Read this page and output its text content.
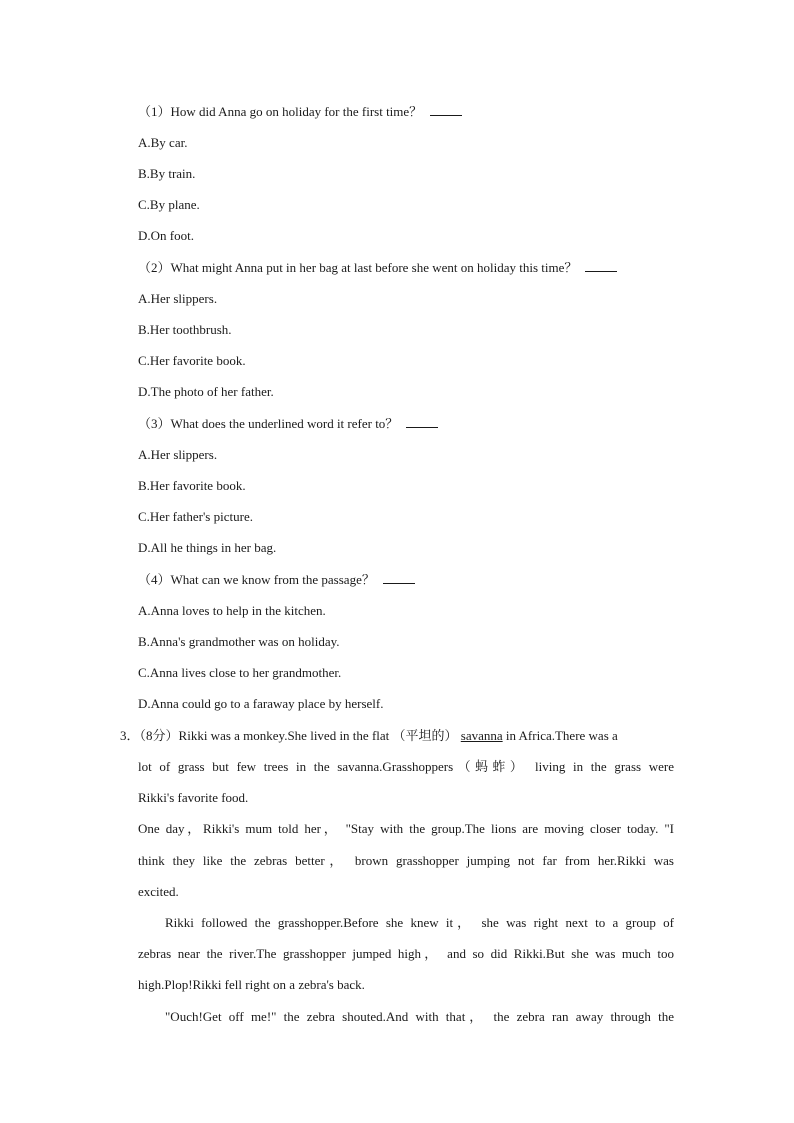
（1）How did Anna go on holiday for the first time？
A.By car.
B.By train.
C.By plane.
D.On foot.
（2）What might Anna put in her bag at last before she went on holiday this time？
A.Her slippers.
B.Her toothbrush.
C.Her favorite book.
D.The photo of her father.
（3）What does the underlined word it refer to？
A.Her slippers.
B.Her favorite book.
C.Her father's picture.
D.All he things in her bag.
（4）What can we know from the passage？
A.Anna loves to help in the kitchen.
B.Anna's grandmother was on holiday.
C.Anna lives close to her grandmother.
D.Anna could go to a faraway place by herself.
3．（8分）Rikki was a monkey.She lived in the flat （平坦的） savanna in Africa.There was a
lot of grass but few trees in the savanna.Grasshoppers（蚂蚱） living in the grass were
Rikki's favorite food.
One day，Rikki's mum told her， "Stay with the group.The lions are moving closer today. "I
think they like the zebras better， brown grasshopper jumping not far from her.Rikki was
excited.
Rikki followed the grasshopper.Before she knew it， she was right next to a group of
zebras near the river.The grasshopper jumped high， and so did Rikki.But she was much too
high.Plop!Rikki fell right on a zebra's back.
"Ouch!Get off me!" the zebra shouted.And with that， the zebra ran away through the
